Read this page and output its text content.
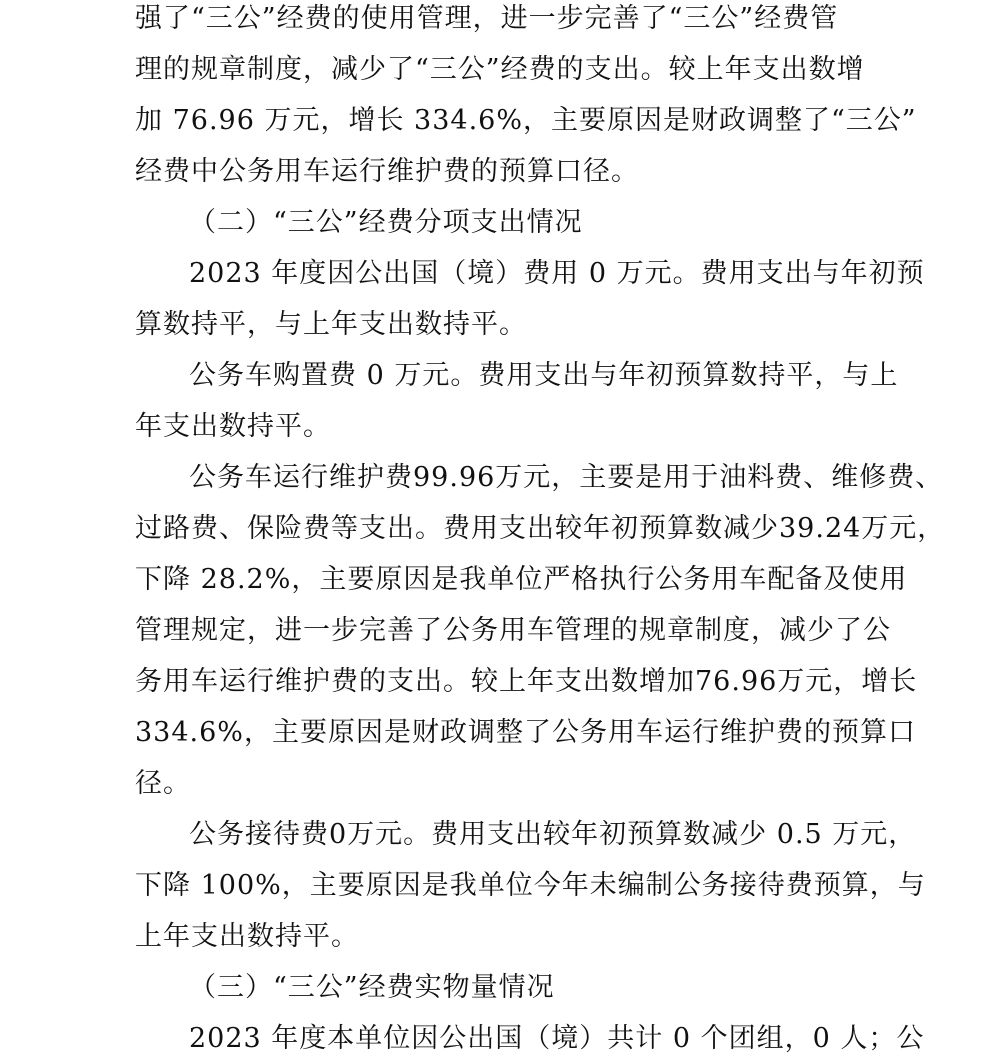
强了“三公”经费的使用管理，进一步完善了“三公”经费管
理的规章制度，减少了“三公”经费的支出。较上年支出数增
加 76.96 万元，增长 334.6%，主要原因是财政调整了“三公”
经费中公务用车运行维护费的预算口径。
（二）“三公”经费分项支出情况
2023 年度因公出国（境）费用 0 万元。费用支出与年初预
算数持平，与上年支出数持平。
公务车购置费 0 万元。费用支出与年初预算数持平，与上
年支出数持平。
公务车运行维护费99.96万元，主要是用于油料费、维修费、
过路费、保险费等支出。费用支出较年初预算数减少39.24万元，
下降 28.2%，主要原因是我单位严格执行公务用车配备及使用
管理规定，进一步完善了公务用车管理的规章制度，减少了公
务用车运行维护费的支出。较上年支出数增加76.96万元，增长
334.6%，主要原因是财政调整了公务用车运行维护费的预算口
径。
公务接待费0万元。费用支出较年初预算数减少 0.5 万元，
下降 100%，主要原因是我单位今年未编制公务接待费预算，与
上年支出数持平。
（三）“三公”经费实物量情况
2023 年度本单位因公出国（境）共计 0 个团组，0 人；公
